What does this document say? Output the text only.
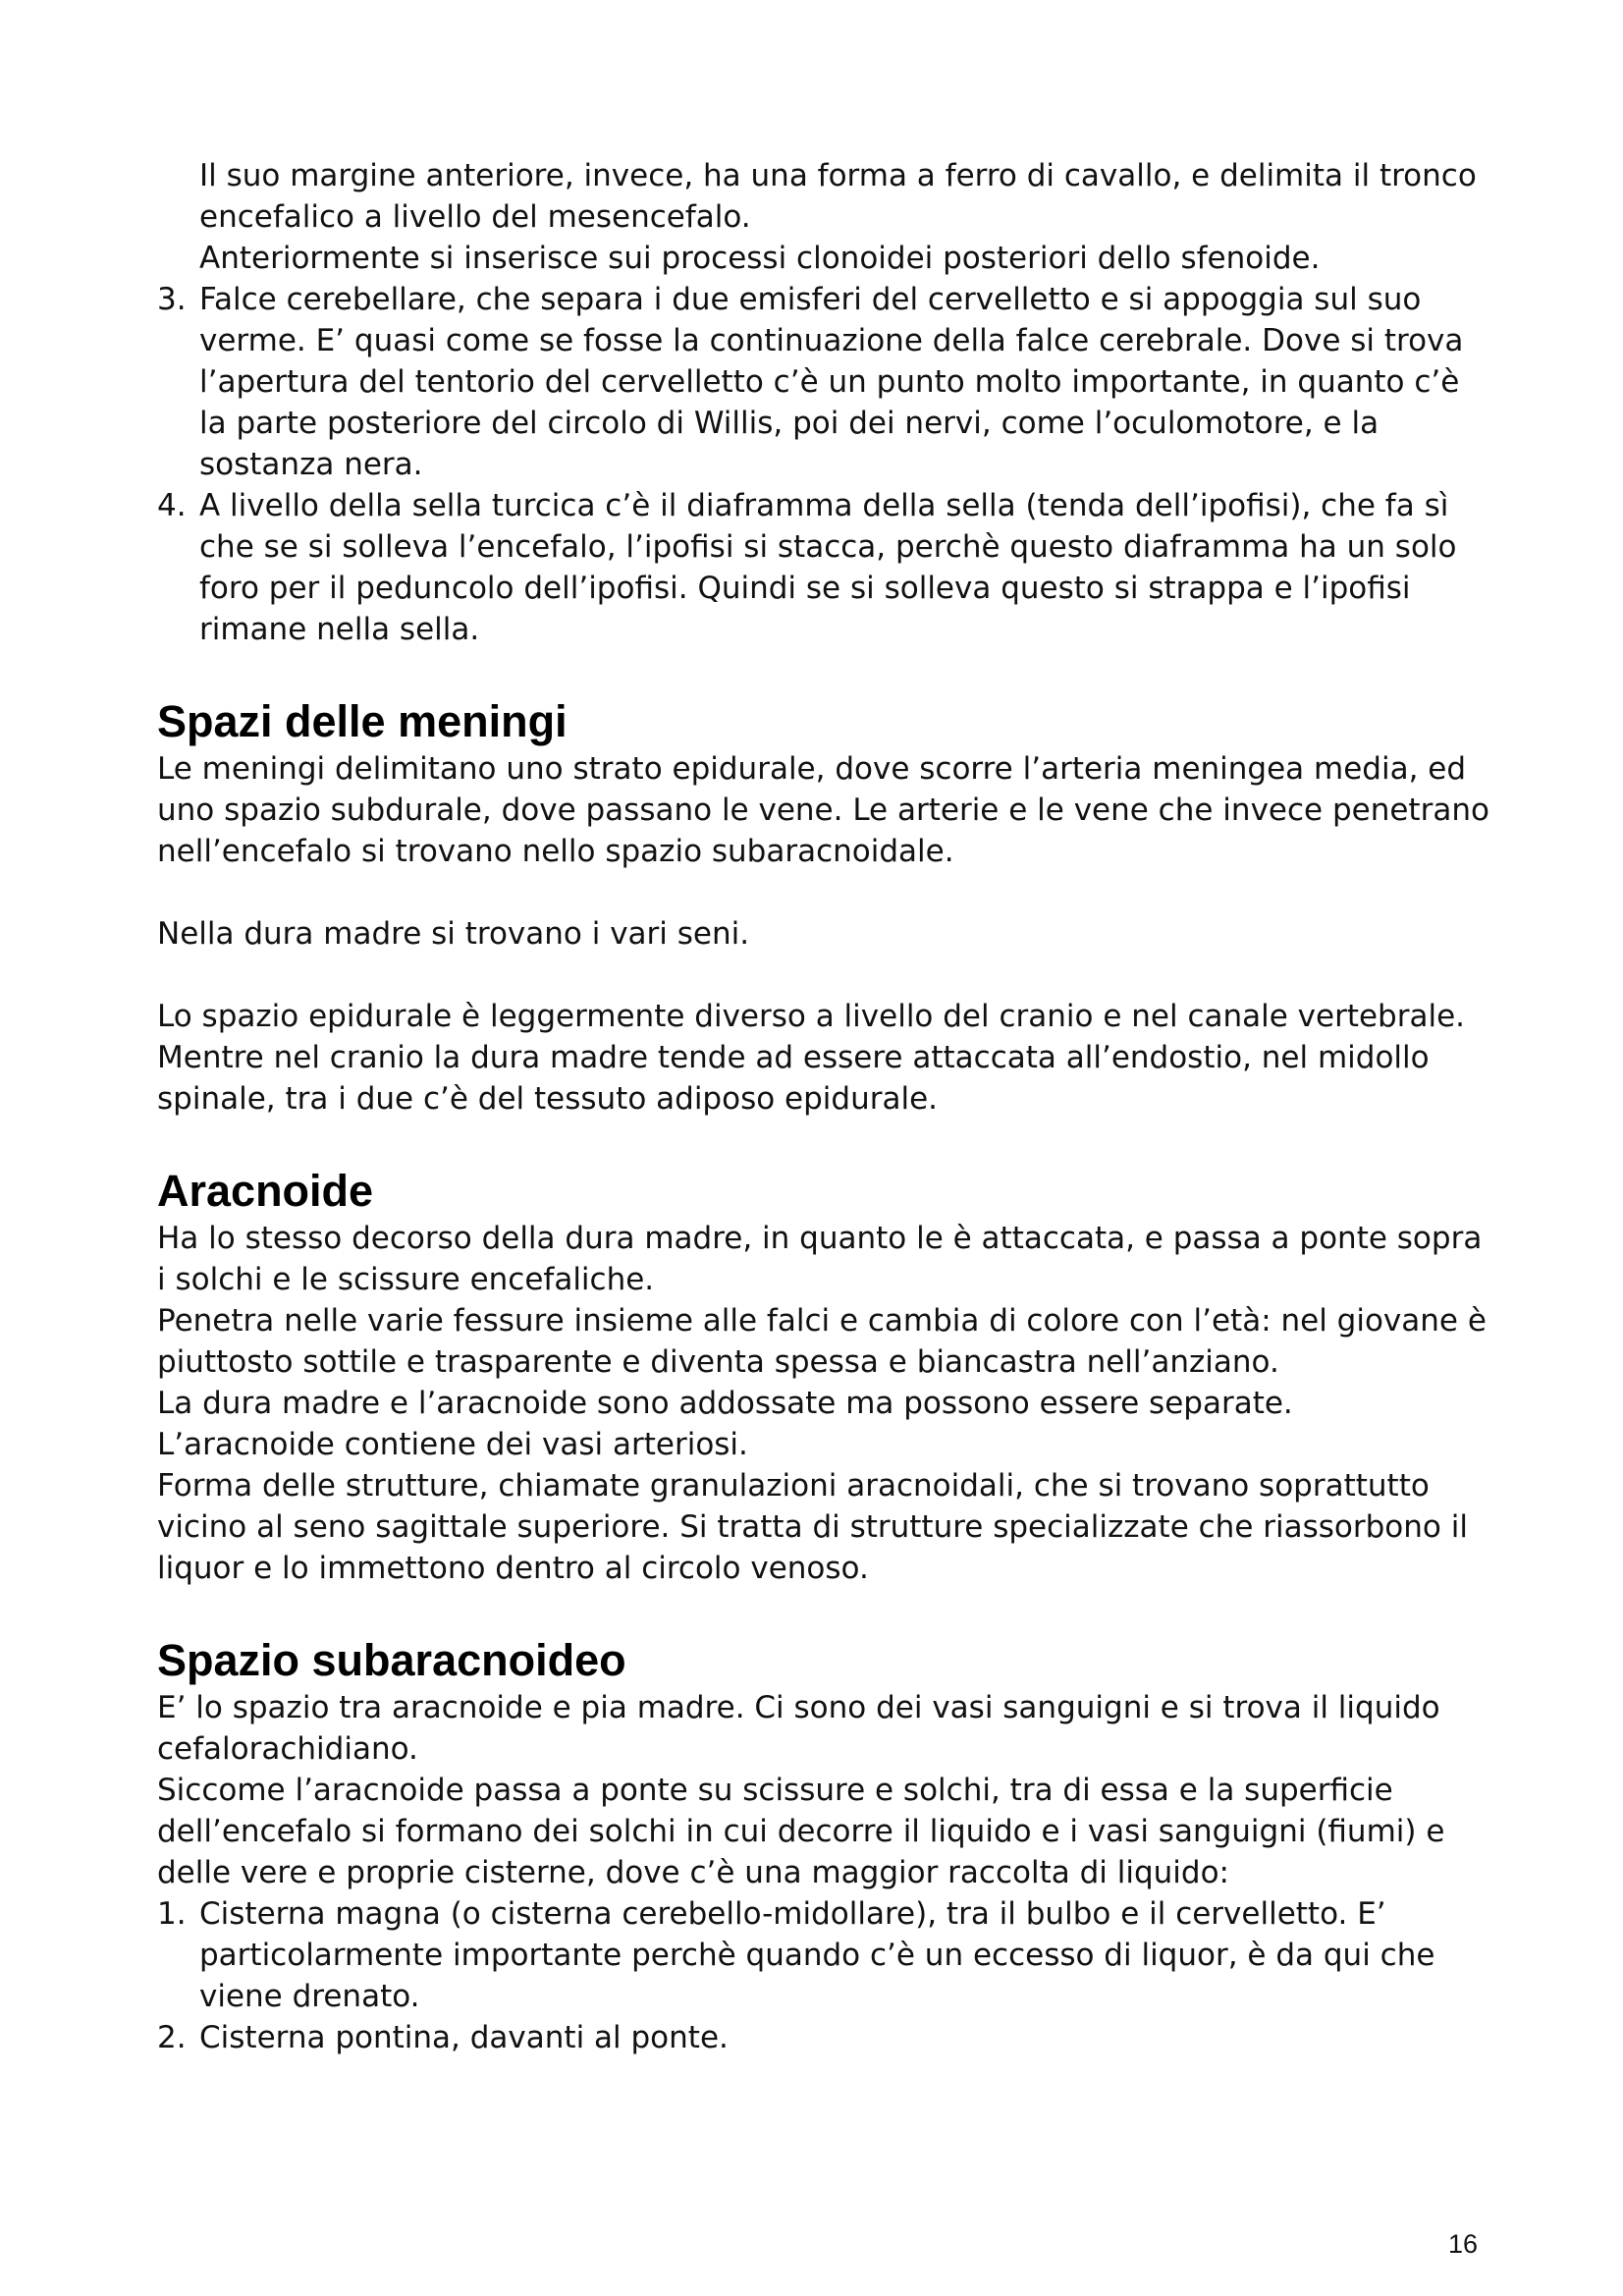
Il suo margine anteriore, invece, ha una forma a ferro di cavallo, e delimita il tronco encefalico a livello del mesencefalo.

Anteriormente si inserisce sui processi clonoidei posteriori dello sfenoide.

3. Falce cerebellare, che separa i due emisferi del cervelletto e si appoggia sul suo verme. E’ quasi come se fosse la continuazione della falce cerebrale. Dove si trova l’apertura del tentorio del cervelletto c’è un punto molto importante, in quanto c’è la parte posteriore del circolo di Willis, poi dei nervi, come l’oculomotore, e la sostanza nera.
4. A livello della sella turcica c’è il diaframma della sella (tenda dell’ipofisi), che fa sì che se si solleva l’encefalo, l’ipofisi si stacca, perchè questo diaframma ha un solo foro per il peduncolo dell’ipofisi. Quindi se si solleva questo si strappa e l’ipofisi rimane nella sella.
Spazi delle meningi

Le meningi delimitano uno strato epidurale, dove scorre l’arteria meningea media, ed uno spazio subdurale, dove passano le vene. Le arterie e le vene che invece penetrano nell’encefalo si trovano nello spazio subaracnoidale.

Nella dura madre si trovano i vari seni.

Lo spazio epidurale è leggermente diverso a livello del cranio e nel canale vertebrale. Mentre nel cranio la dura madre tende ad essere attaccata all’endostio, nel midollo spinale, tra i due c’è del tessuto adiposo epidurale.

Aracnoide

Ha lo stesso decorso della dura madre, in quanto le è attaccata, e passa a ponte sopra i solchi e le scissure encefaliche.

Penetra nelle varie fessure insieme alle falci e cambia di colore con l’età: nel giovane è piuttosto sottile e trasparente e diventa spessa e biancastra nell’anziano.

La dura madre e l’aracnoide sono addossate ma possono essere separate.

L’aracnoide contiene dei vasi arteriosi.

Forma delle strutture, chiamate granulazioni aracnoidali, che si trovano soprattutto vicino al seno sagittale superiore. Si tratta di strutture specializzate che riassorbono il liquor e lo immettono dentro al circolo venoso.

Spazio subaracnoideo

E’ lo spazio tra aracnoide e pia madre. Ci sono dei vasi sanguigni e si trova il liquido cefalorachidiano.

Siccome l’aracnoide passa a ponte su scissure e solchi, tra di essa e la superficie dell’encefalo si formano dei solchi in cui decorre il liquido e i vasi sanguigni (fiumi) e delle vere e proprie cisterne, dove c’è una maggior raccolta di liquido:

1. Cisterna magna (o cisterna cerebello-midollare), tra il bulbo e il cervelletto. E’ particolarmente importante perchè quando c’è un eccesso di liquor, è da qui che viene drenato.
2. Cisterna pontina, davanti al ponte.
16
